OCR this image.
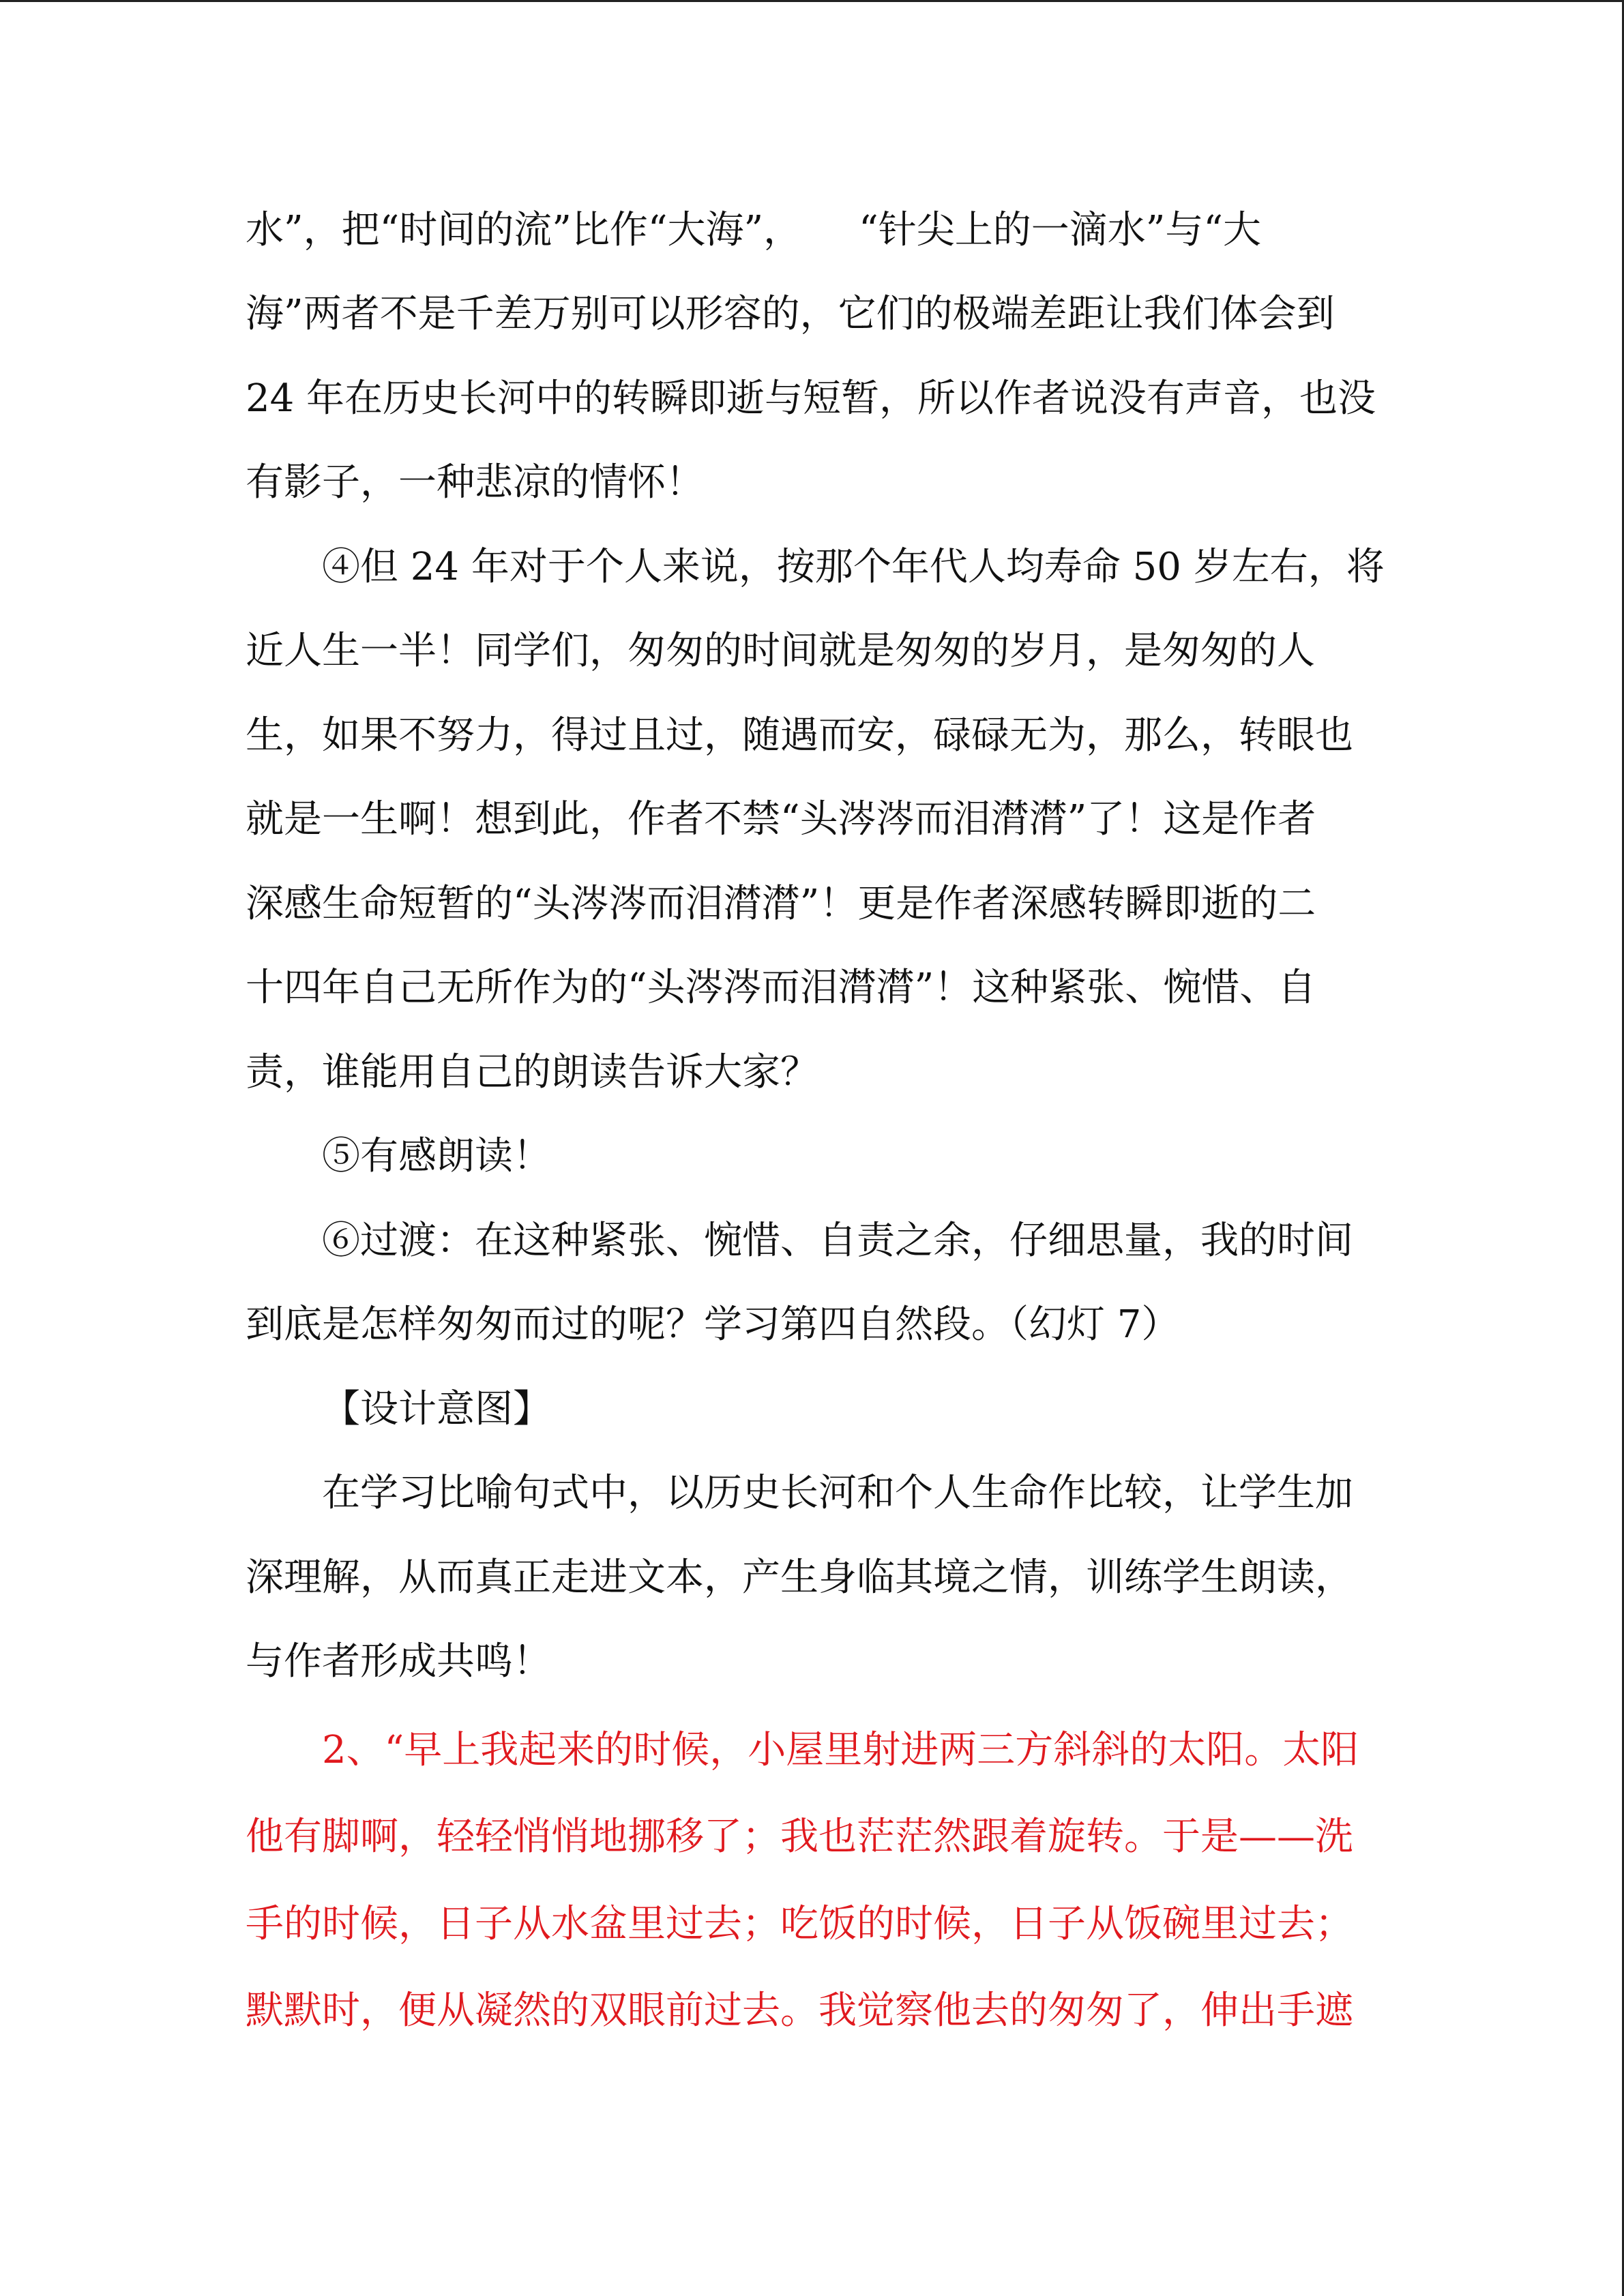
水”，把“时间的流”比作“大海”，　　“针尖上的一滴水”与“大
海”两者不是千差万别可以形容的，它们的极端差距让我们体会到
24 年在历史长河中的转瞬即逝与短暂，所以作者说没有声音，也没
有影子，一种悲凉的情怀！
④但 24 年对于个人来说，按那个年代人均寿命 50 岁左右，将
近人生一半！同学们，匆匆的时间就是匆匆的岁月，是匆匆的人
生，如果不努力，得过且过，随遇而安，碌碌无为，那么，转眼也
就是一生啊！想到此，作者不禁“头涔涔而泪潸潸”了！这是作者
深感生命短暂的“头涔涔而泪潸潸”！更是作者深感转瞬即逝的二
十四年自己无所作为的“头涔涔而泪潸潸”！这种紧张、惋惜、自
责，谁能用自己的朗读告诉大家？
⑤有感朗读！
⑥过渡：在这种紧张、惋惜、自责之余，仔细思量，我的时间
到底是怎样匆匆而过的呢？学习第四自然段。（幻灯 7）
【设计意图】
在学习比喻句式中，以历史长河和个人生命作比较，让学生加
深理解，从而真正走进文本，产生身临其境之情，训练学生朗读，
与作者形成共鸣！
2、“早上我起来的时候，小屋里射进两三方斜斜的太阳。太阳
他有脚啊，轻轻悄悄地挪移了；我也茫茫然跟着旋转。于是——洗
手的时候，日子从水盆里过去；吃饭的时候，日子从饭碗里过去；
默默时，便从凝然的双眼前过去。我觉察他去的匆匆了，伸出手遮
